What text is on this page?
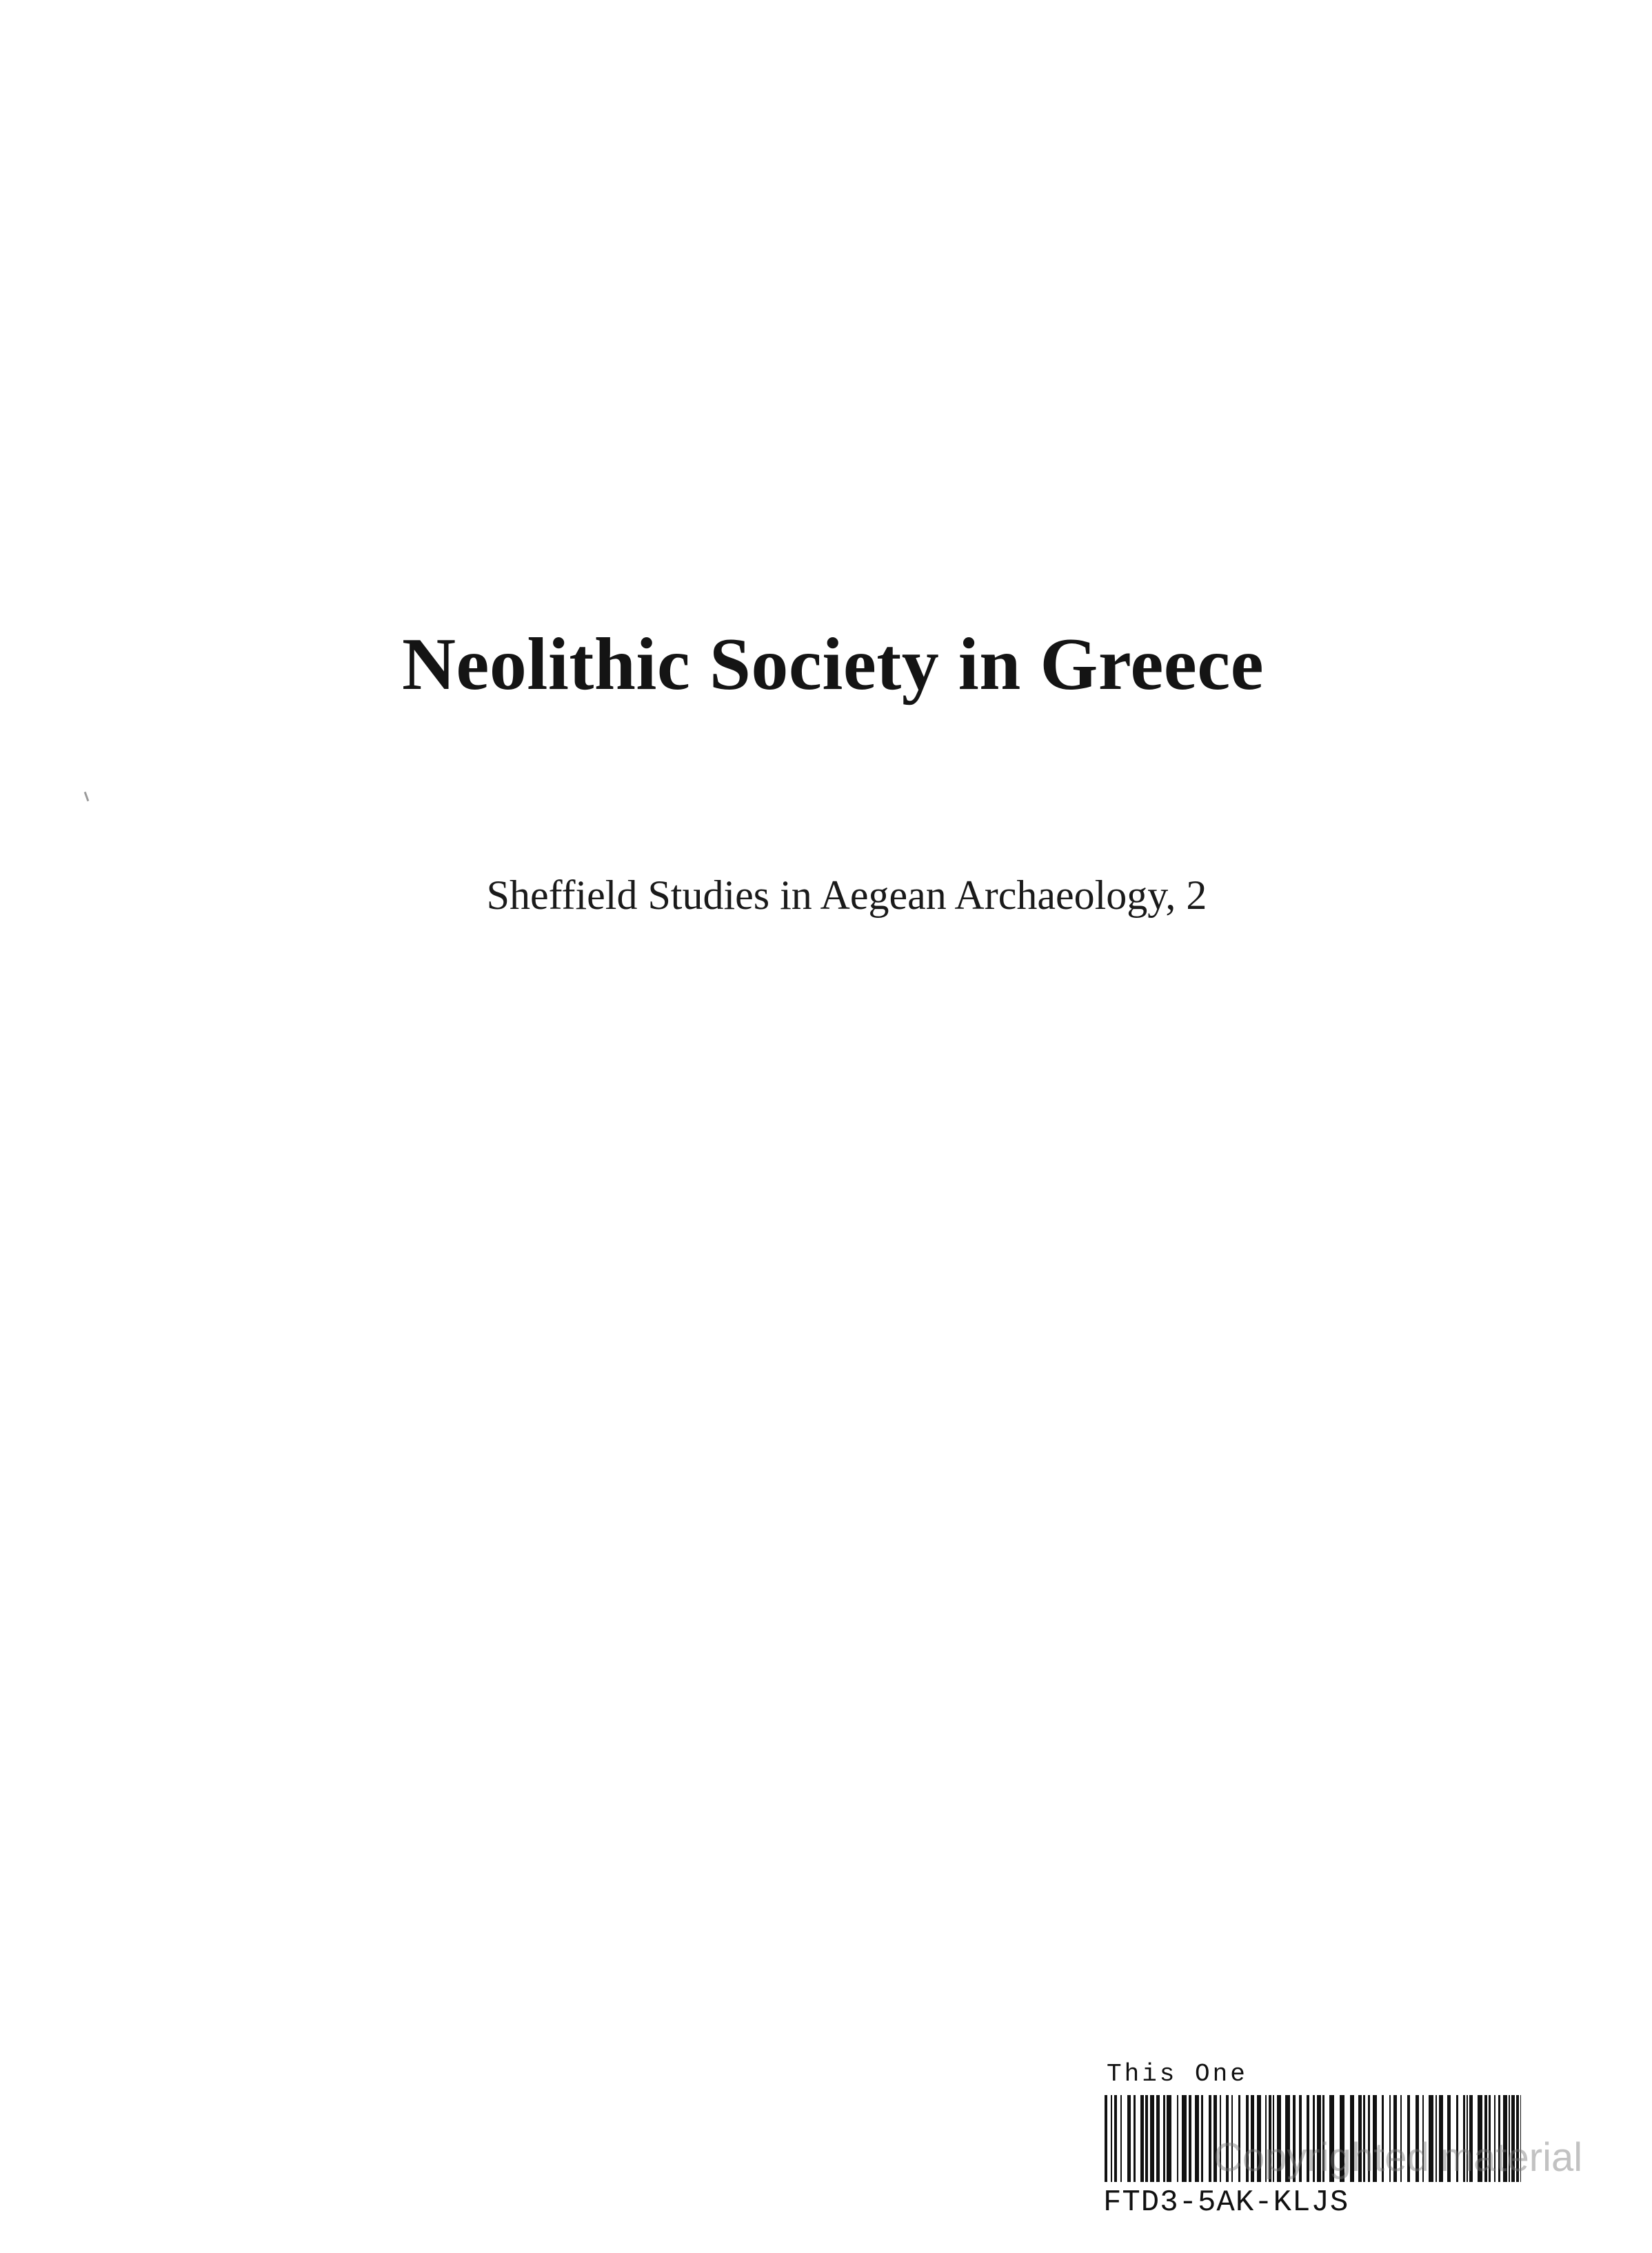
Neolithic Society in Greece
Sheffield Studies in Aegean Archaeology, 2
This One
Copyrighted material
FTD3-5AK-KLJS
